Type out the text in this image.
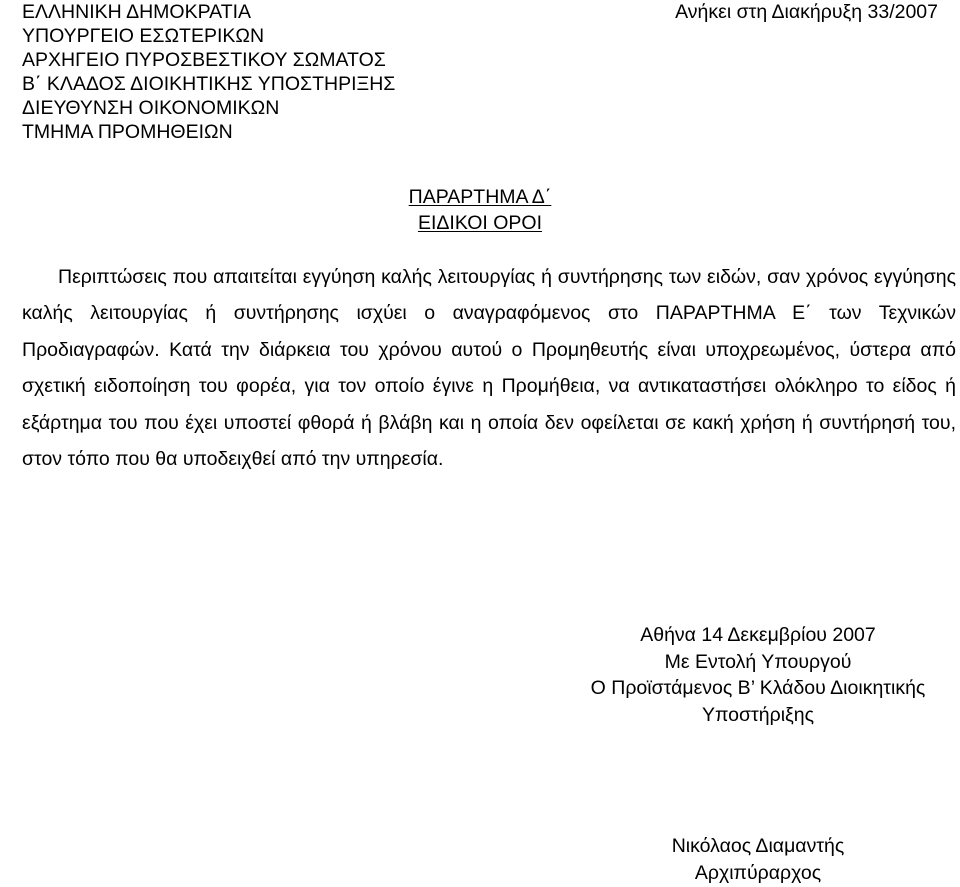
ΕΛΛΗΝΙΚΗ ΔΗΜΟΚΡΑΤΙΑ
ΥΠΟΥΡΓΕΙΟ ΕΣΩΤΕΡΙΚΩΝ
ΑΡΧΗΓΕΙΟ ΠΥΡΟΣΒΕΣΤΙΚΟΥ ΣΩΜΑΤΟΣ
Β΄ ΚΛΑΔΟΣ ΔΙΟΙΚΗΤΙΚΗΣ ΥΠΟΣΤΗΡΙΞΗΣ
ΔΙΕΥΘΥΝΣΗ ΟΙΚΟΝΟΜΙΚΩΝ
ΤΜΗΜΑ ΠΡΟΜΗΘΕΙΩΝ
Ανήκει στη Διακήρυξη 33/2007
ΠΑΡΑΡΤΗΜΑ Δ΄
ΕΙΔΙΚΟΙ ΟΡΟΙ

Περιπτώσεις που απαιτείται εγγύηση καλής λειτουργίας ή συντήρησης των ειδών, σαν χρόνος εγγύησης καλής λειτουργίας ή συντήρησης ισχύει ο αναγραφόμενος στο ΠΑΡΑΡΤΗΜΑ Ε΄ των Τεχνικών Προδιαγραφών. Κατά την διάρκεια του χρόνου αυτού ο Προμηθευτής είναι υποχρεωμένος, ύστερα από σχετική ειδοποίηση του φορέα, για τον οποίο έγινε η Προμήθεια, να αντικαταστήσει ολόκληρο το είδος ή εξάρτημα του που έχει υποστεί φθορά ή βλάβη και η οποία δεν οφείλεται σε κακή χρήση ή συντήρησή του, στον τόπο που θα υποδειχθεί από την υπηρεσία.

Αθήνα 14 Δεκεμβρίου 2007
Με Εντολή Υπουργού
Ο Προϊστάμενος Β’ Κλάδου Διοικητικής
Υποστήριξης
Νικόλαος Διαμαντής
Αρχιπύραρχος
